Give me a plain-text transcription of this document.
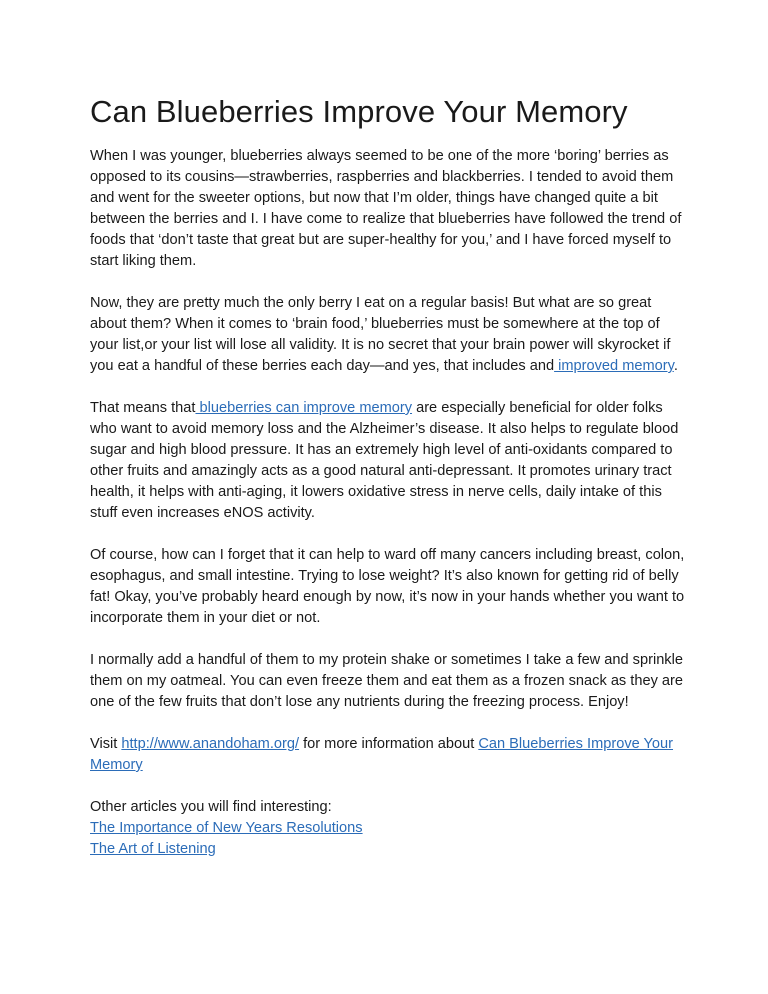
Can Blueberries Improve Your Memory

When I was younger, blueberries always seemed to be one of the more ‘boring’ berries as opposed to its cousins—strawberries, raspberries and blackberries. I tended to avoid them and went for the sweeter options, but now that I’m older, things have changed quite a bit between the berries and I. I have come to realize that blueberries have followed the trend of foods that ‘don’t taste that great but are super-healthy for you,’ and I have forced myself to start liking them.

Now, they are pretty much the only berry I eat on a regular basis! But what are so great about them? When it comes to ‘brain food,’ blueberries must be somewhere at the top of your list,or your list will lose all validity. It is no secret that your brain power will skyrocket if you eat a handful of these berries each day—and yes, that includes and improved memory.

That means that blueberries can improve memory are especially beneficial for older folks who want to avoid memory loss and the Alzheimer’s disease. It also helps to regulate blood sugar and high blood pressure. It has an extremely high level of anti-oxidants compared to other fruits and amazingly acts as a good natural anti-depressant. It promotes urinary tract health, it helps with anti-aging, it lowers oxidative stress in nerve cells, daily intake of this stuff even increases eNOS activity.

Of course, how can I forget that it can help to ward off many cancers including breast, colon, esophagus, and small intestine. Trying to lose weight? It’s also known for getting rid of belly fat! Okay, you’ve probably heard enough by now, it’s now in your hands whether you want to incorporate them in your diet or not.

I normally add a handful of them to my protein shake or sometimes I take a few and sprinkle them on my oatmeal. You can even freeze them and eat them as a frozen snack as they are one of the few fruits that don’t lose any nutrients during the freezing process. Enjoy!

Visit http://www.anandoham.org/ for more information about Can Blueberries Improve Your Memory

Other articles you will find interesting:
The Importance of New Years Resolutions
The Art of Listening
